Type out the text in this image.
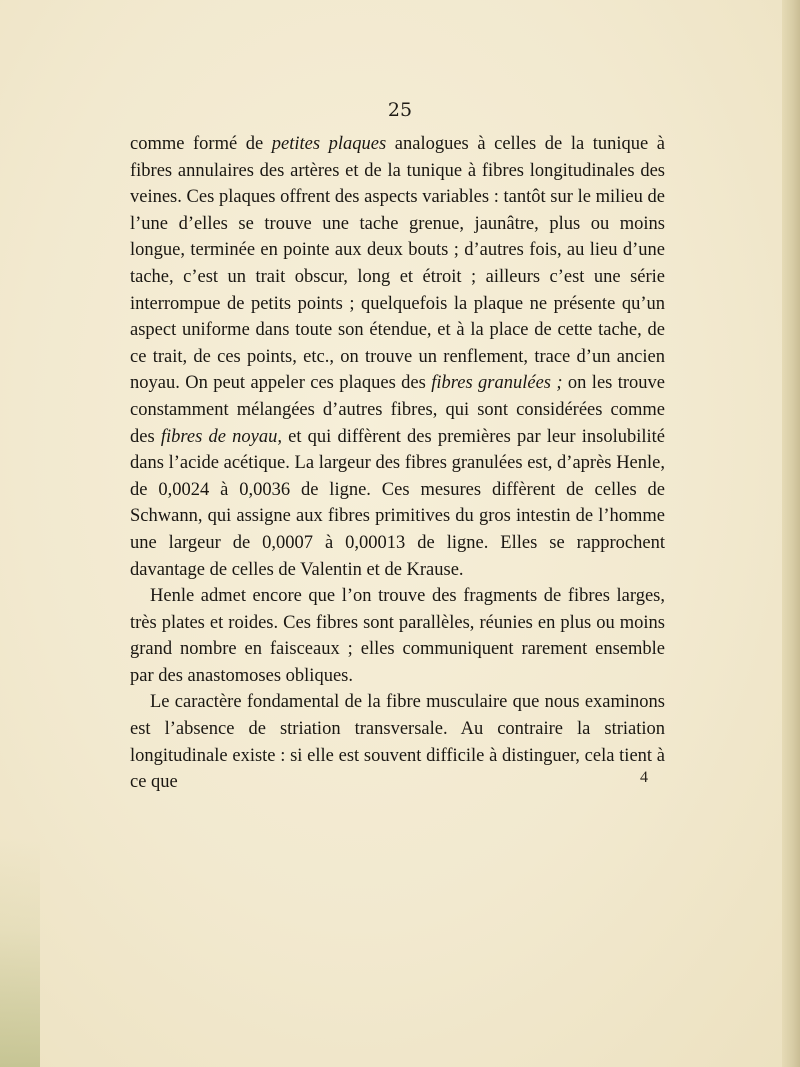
25

comme formé de petites plaques analogues à celles de la tunique à fibres annulaires des artères et de la tunique à fibres longitudinales des veines. Ces plaques offrent des aspects variables : tantôt sur le milieu de l’une d’elles se trouve une tache grenue, jaunâtre, plus ou moins longue, terminée en pointe aux deux bouts ; d’autres fois, au lieu d’une tache, c’est un trait obscur, long et étroit ; ailleurs c’est une série interrompue de petits points ; quelquefois la plaque ne présente qu’un aspect uniforme dans toute son étendue, et à la place de cette tache, de ce trait, de ces points, etc., on trouve un renflement, trace d’un ancien noyau. On peut appeler ces plaques des fibres granulées ; on les trouve constamment mélangées d’autres fibres, qui sont considérées comme des fibres de noyau, et qui diffèrent des premières par leur insolubilité dans l’acide acétique. La largeur des fibres granulées est, d’après Henle, de 0,0024 à 0,0036 de ligne. Ces mesures diffèrent de celles de Schwann, qui assigne aux fibres primitives du gros intestin de l’homme une largeur de 0,0007 à 0,00013 de ligne. Elles se rapprochent davantage de celles de Valentin et de Krause.

Henle admet encore que l’on trouve des fragments de fibres larges, très plates et roides. Ces fibres sont parallèles, réunies en plus ou moins grand nombre en faisceaux ; elles communiquent rarement ensemble par des anastomoses obliques.

Le caractère fondamental de la fibre musculaire que nous examinons est l’absence de striation transversale. Au contraire la striation longitudinale existe : si elle est souvent difficile à distinguer, cela tient à ce que	4
